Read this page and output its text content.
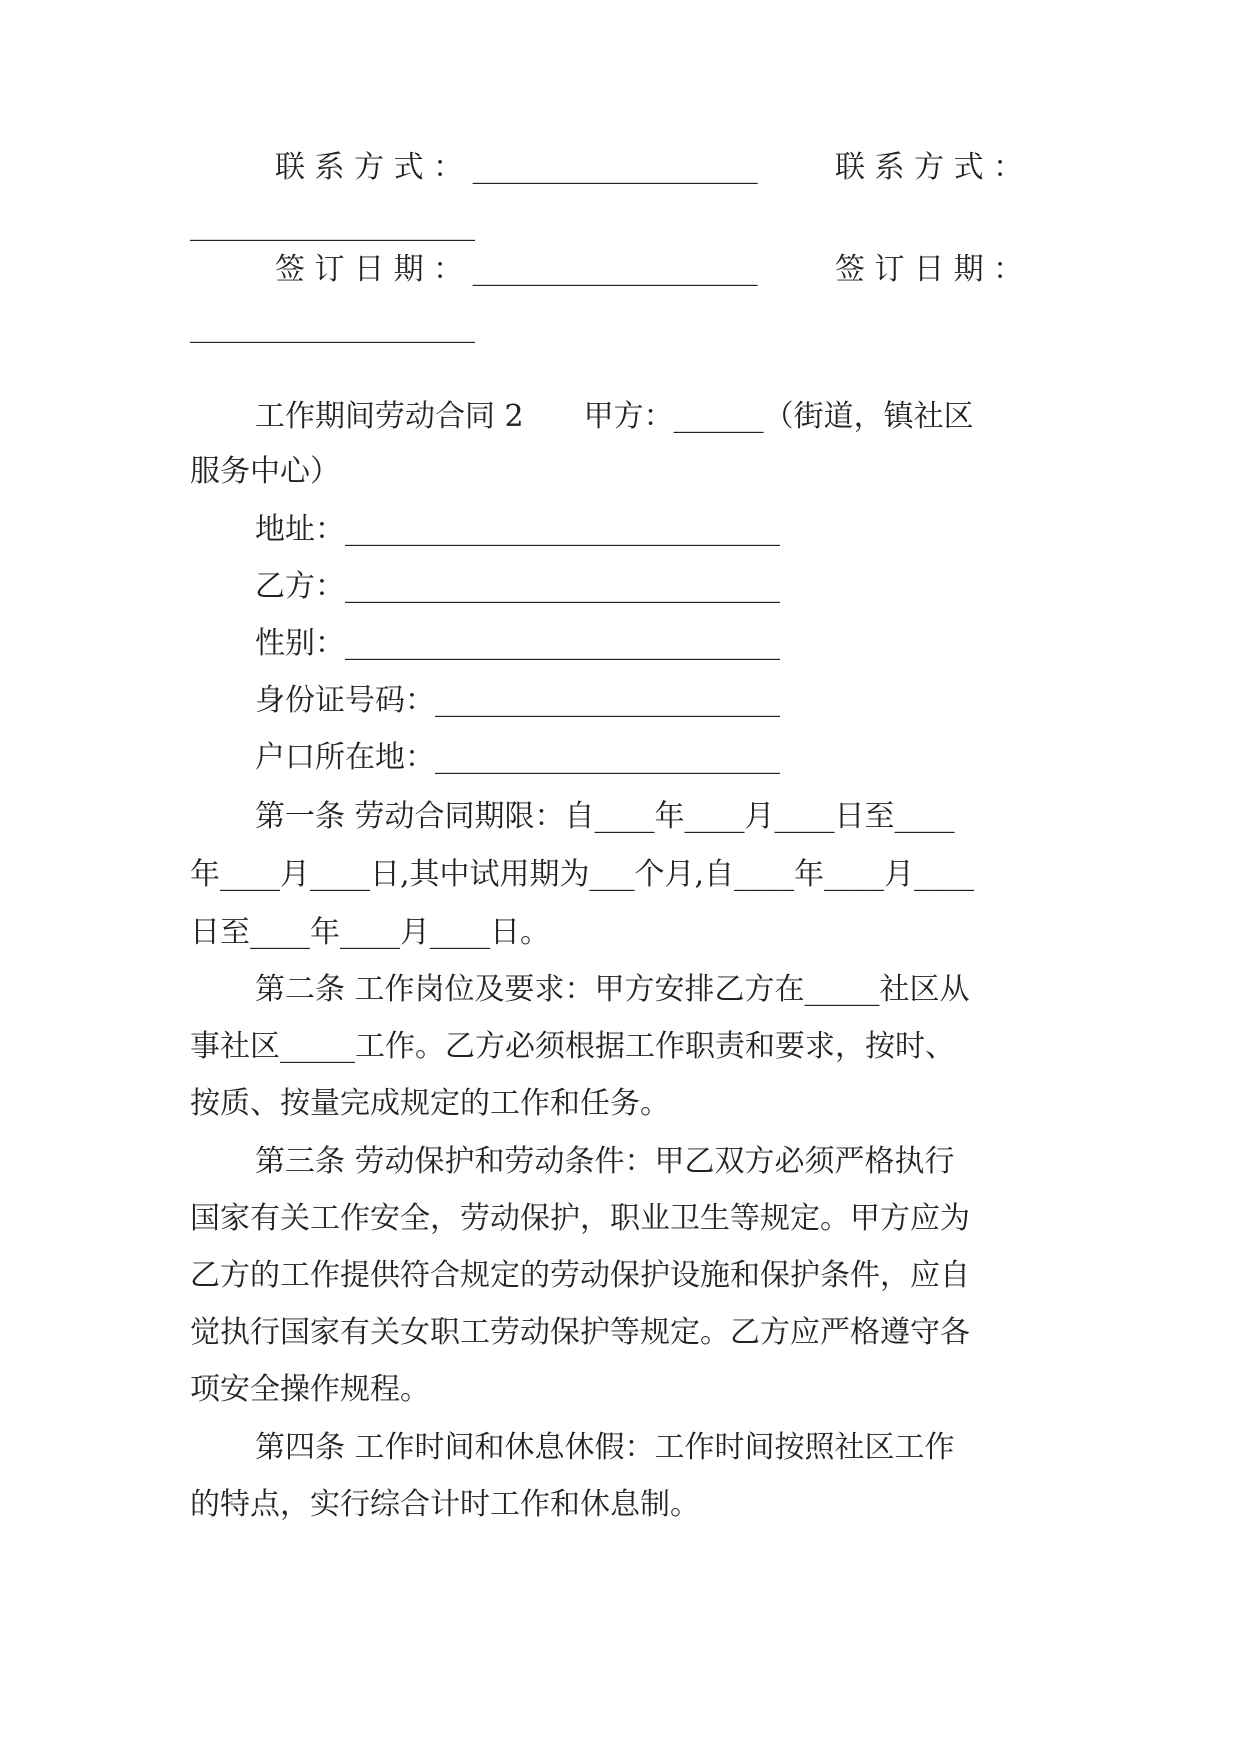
联 系 方 式 ： ___________________	联 系 方 式 ：
___________________
签 订 日 期 ： ___________________	签 订 日 期 ：
___________________
工作期间劳动合同 2　　甲方：______（街道，镇社区
服务中心）
地址：_____________________________
乙方：_____________________________
性别：_____________________________
身份证号码：_______________________
户口所在地：_______________________
第一条 劳动合同期限：自____年____月____日至____
年____月____日,其中试用期为___个月,自____年____月____
日至____年____月____日。
第二条 工作岗位及要求：甲方安排乙方在_____社区从
事社区_____工作。乙方必须根据工作职责和要求，按时、
按质、按量完成规定的工作和任务。
第三条 劳动保护和劳动条件：甲乙双方必须严格执行
国家有关工作安全，劳动保护，职业卫生等规定。甲方应为
乙方的工作提供符合规定的劳动保护设施和保护条件，应自
觉执行国家有关女职工劳动保护等规定。乙方应严格遵守各
项安全操作规程。
第四条 工作时间和休息休假：工作时间按照社区工作
的特点，实行综合计时工作和休息制。
